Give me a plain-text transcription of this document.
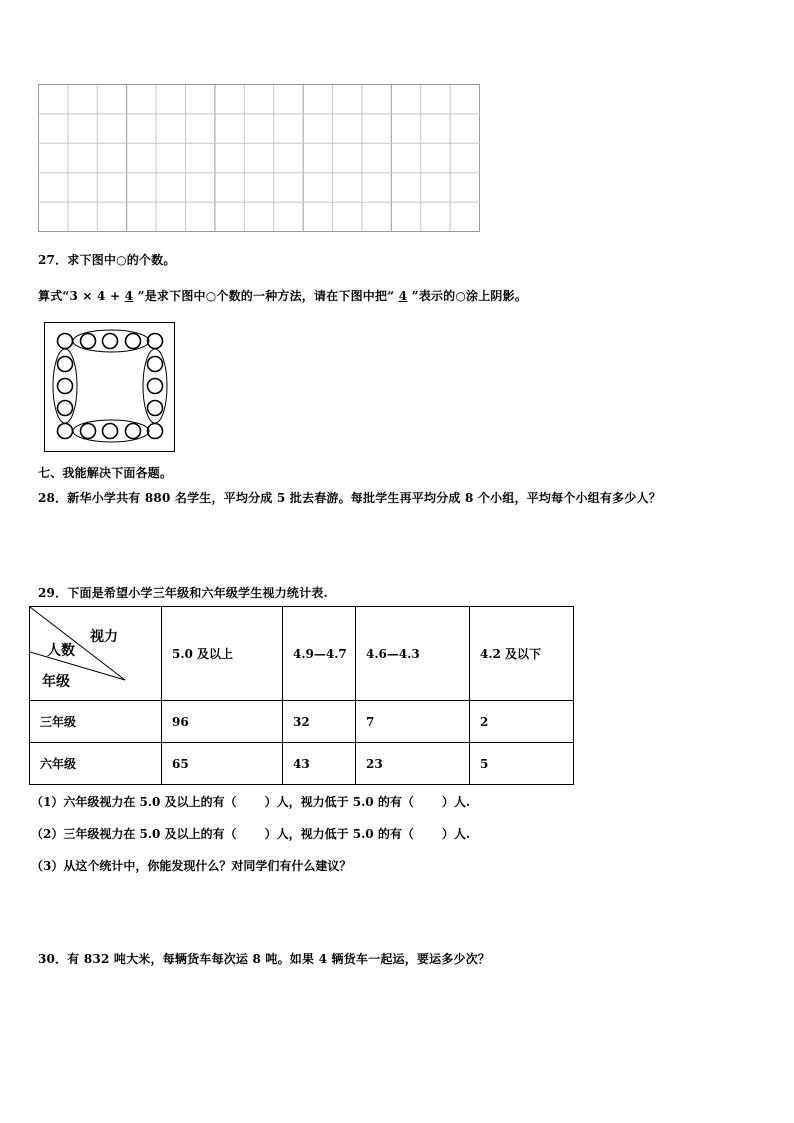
27．求下图中○的个数。
算式“3 × 4 + 4 ”是求下图中○个数的一种方法，请在下图中把“ 4 ”表示的○涂上阴影。
七、我能解决下面各题。
28．新华小学共有 880 名学生，平均分成 5 批去春游。每批学生再平均分成 8 个小组，平均每个小组有多少人？
29．下面是希望小学三年级和六年级学生视力统计表.
视力
人数
年级	5.0 及以上	4.9—4.7	4.6—4.3	4.2 及以下
三年级	96	32	7	2
六年级	65	43	23	5
（1）六年级视力在 5.0 及以上的有（ ）人，视力低于 5.0 的有（ ）人.
（2）三年级视力在 5.0 及以上的有（ ）人，视力低于 5.0 的有（ ）人.
（3）从这个统计中，你能发现什么？对同学们有什么建议？
30．有 832 吨大米，每辆货车每次运 8 吨。如果 4 辆货车一起运，要运多少次？
